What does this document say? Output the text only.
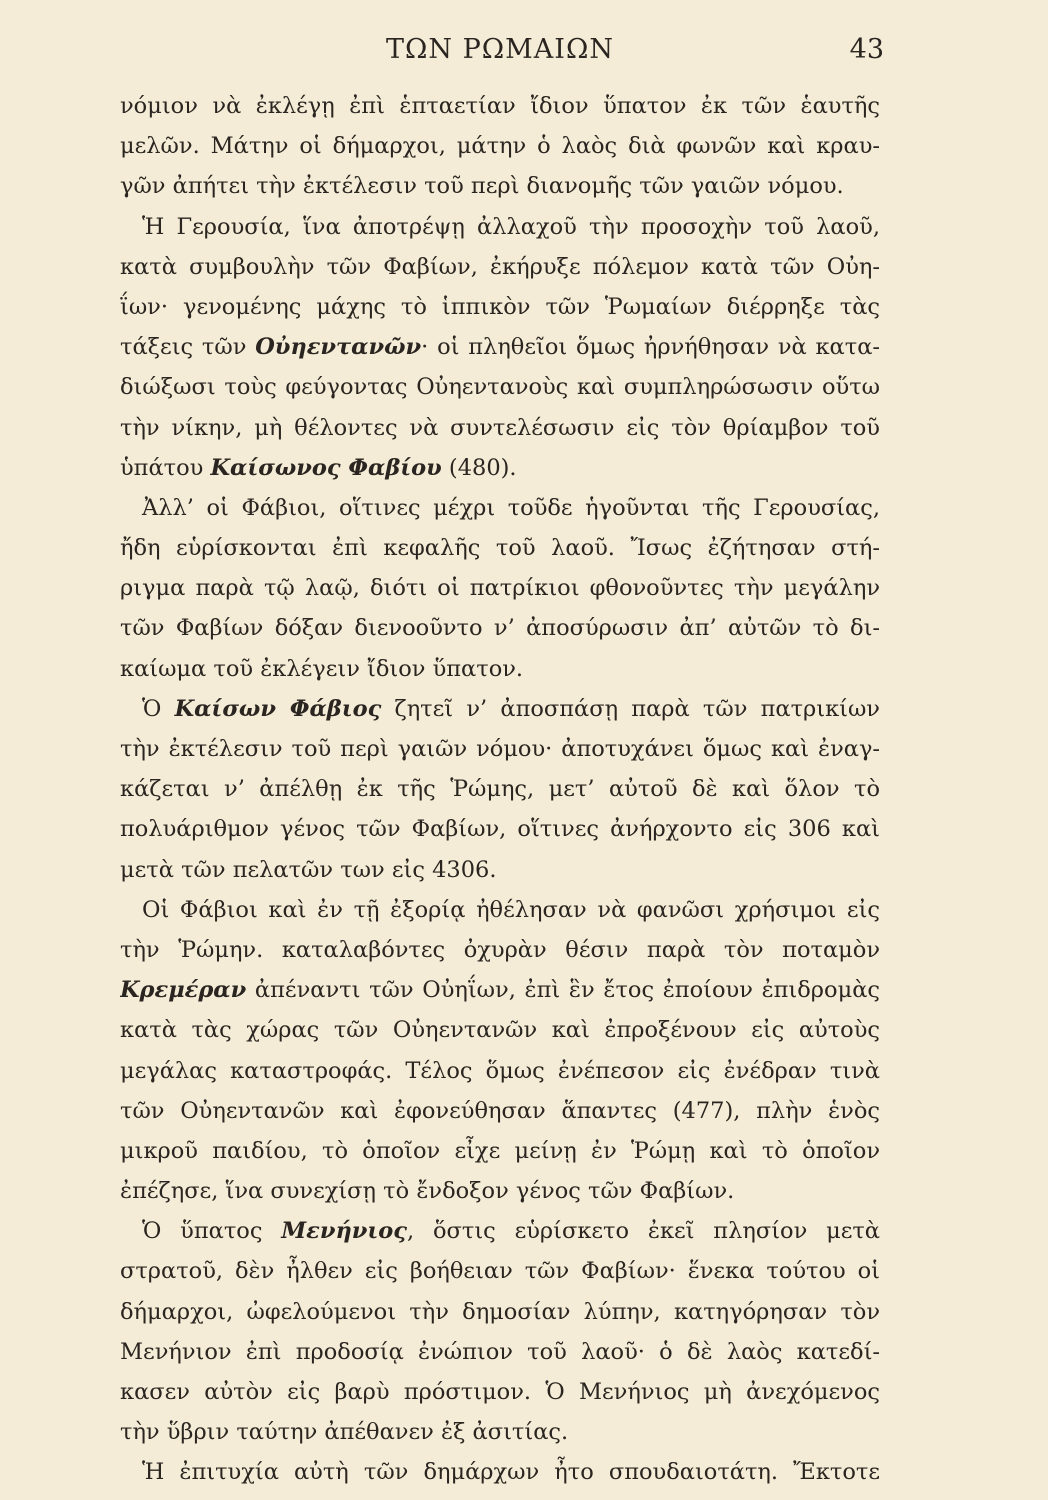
ΤΩΝ ΡΩΜΑΙΩΝ	43
νόμιον νὰ ἐκλέγῃ ἐπὶ ἑπταετίαν ἴδιον ὕπατον ἐκ τῶν ἑαυτῆς
μελῶν. Μάτην οἱ δήμαρχοι, μάτην ὁ λαὸς διὰ φωνῶν καὶ κραυ-
γῶν ἀπήτει τὴν ἐκτέλεσιν τοῦ περὶ διανομῆς τῶν γαιῶν νόμου.
Ἡ Γερουσία, ἵνα ἀποτρέψῃ ἀλλαχοῦ τὴν προσοχὴν τοῦ λαοῦ,
κατὰ συμβουλὴν τῶν Φαβίων, ἐκήρυξε πόλεμον κατὰ τῶν Οὐη-
ΐων· γενομένης μάχης τὸ ἱππικὸν τῶν Ῥωμαίων διέρρηξε τὰς
τάξεις τῶν Οὐηεντανῶν· οἱ πληθεῖοι ὅμως ἠρνήθησαν νὰ κατα-
διώξωσι τοὺς φεύγοντας Οὐηεντανοὺς καὶ συμπληρώσωσιν οὕτω
τὴν νίκην, μὴ θέλοντες νὰ συντελέσωσιν εἰς τὸν θρίαμβον τοῦ
ὑπάτου Καίσωνος Φαβίου (480).
Ἀλλ’ οἱ Φάβιοι, οἵτινες μέχρι τοῦδε ἡγοῦνται τῆς Γερουσίας,
ἤδη εὑρίσκονται ἐπὶ κεφαλῆς τοῦ λαοῦ. Ἴσως ἐζήτησαν στή-
ριγμα παρὰ τῷ λαῷ, διότι οἱ πατρίκιοι φθονοῦντες τὴν μεγάλην
τῶν Φαβίων δόξαν διενοοῦντο ν’ ἀποσύρωσιν ἀπ’ αὐτῶν τὸ δι-
καίωμα τοῦ ἐκλέγειν ἴδιον ὕπατον.
Ὁ Καίσων Φάβιος ζητεῖ ν’ ἀποσπάσῃ παρὰ τῶν πατρικίων
τὴν ἐκτέλεσιν τοῦ περὶ γαιῶν νόμου· ἀποτυχάνει ὅμως καὶ ἐναγ-
κάζεται ν’ ἀπέλθῃ ἐκ τῆς Ῥώμης, μετ’ αὐτοῦ δὲ καὶ ὅλον τὸ
πολυάριθμον γένος τῶν Φαβίων, οἵτινες ἀνήρχοντο εἰς 306 καὶ
μετὰ τῶν πελατῶν των εἰς 4306.
Οἱ Φάβιοι καὶ ἐν τῇ ἐξορίᾳ ἠθέλησαν νὰ φανῶσι χρήσιμοι εἰς
τὴν Ῥώμην. καταλαβόντες ὀχυρὰν θέσιν παρὰ τὸν ποταμὸν
Κρεμέραν ἀπέναντι τῶν Οὐηΐων, ἐπὶ ἓν ἔτος ἐποίουν ἐπιδρομὰς
κατὰ τὰς χώρας τῶν Οὐηεντανῶν καὶ ἐπροξένουν εἰς αὐτοὺς
μεγάλας καταστροφάς. Τέλος ὅμως ἐνέπεσον εἰς ἐνέδραν τινὰ
τῶν Οὐηεντανῶν καὶ ἐφονεύθησαν ἅπαντες (477), πλὴν ἑνὸς
μικροῦ παιδίου, τὸ ὁποῖον εἶχε μείνῃ ἐν Ῥώμῃ καὶ τὸ ὁποῖον
ἐπέζησε, ἵνα συνεχίσῃ τὸ ἔνδοξον γένος τῶν Φαβίων.
Ὁ ὕπατος Μενήνιος, ὅστις εὑρίσκετο ἐκεῖ πλησίον μετὰ
στρατοῦ, δὲν ἦλθεν εἰς βοήθειαν τῶν Φαβίων· ἕνεκα τούτου οἱ
δήμαρχοι, ὠφελούμενοι τὴν δημοσίαν λύπην, κατηγόρησαν τὸν
Μενήνιον ἐπὶ προδοσίᾳ ἐνώπιον τοῦ λαοῦ· ὁ δὲ λαὸς κατεδί-
κασεν αὐτὸν εἰς βαρὺ πρόστιμον. Ὁ Μενήνιος μὴ ἀνεχόμενος
τὴν ὕβριν ταύτην ἀπέθανεν ἐξ ἀσιτίας.
Ἡ ἐπιτυχία αὐτὴ τῶν δημάρχων ἦτο σπουδαιοτάτη. Ἔκτοτε
